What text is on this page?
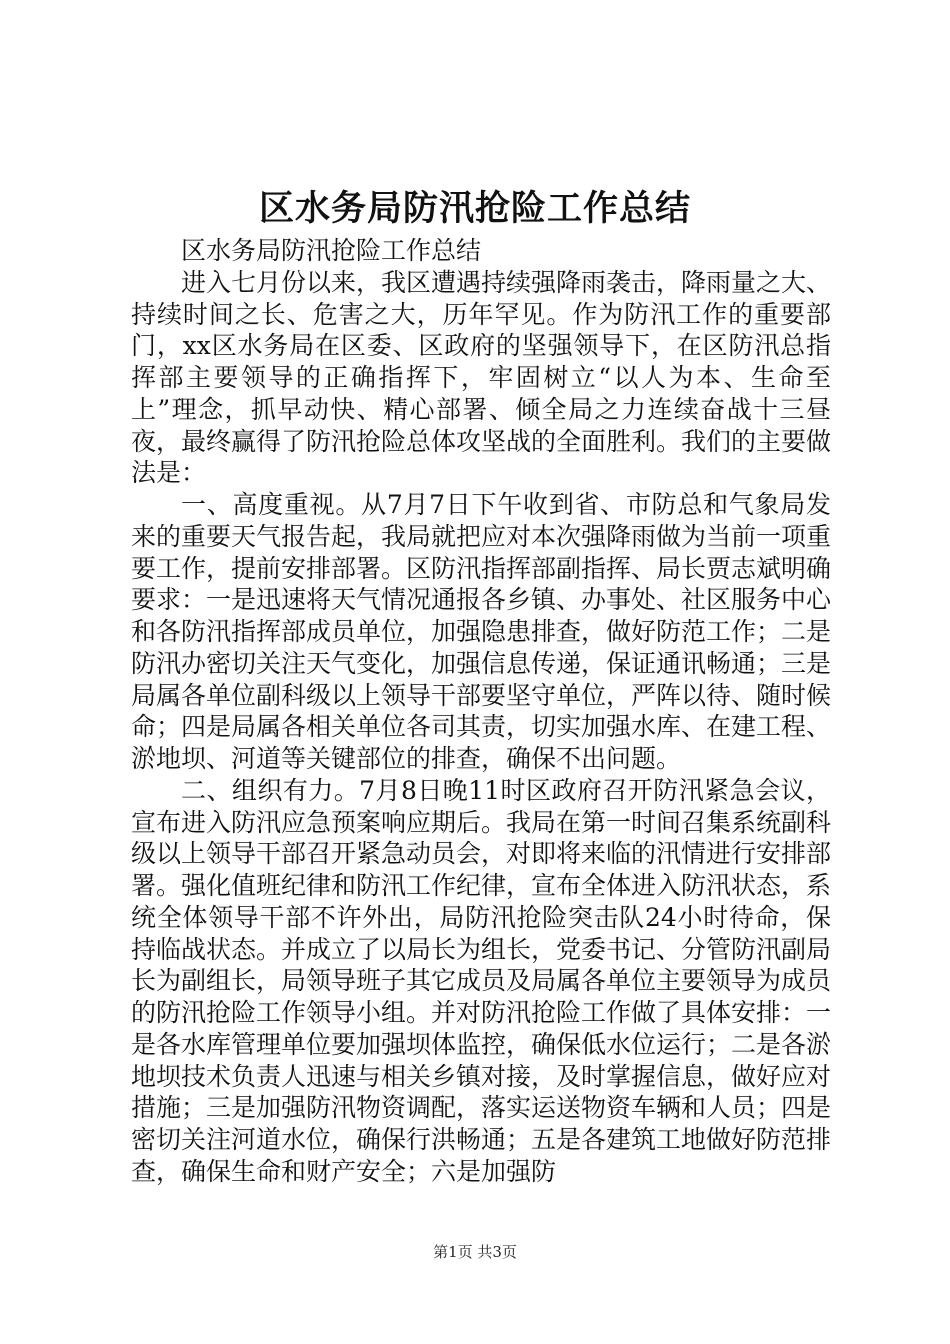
区水务局防汛抢险工作总结

区水务局防汛抢险工作总结

进入七月份以来，我区遭遇持续强降雨袭击，降雨量之大、持续时间之长、危害之大，历年罕见。作为防汛工作的重要部门，xx区水务局在区委、区政府的坚强领导下，在区防汛总指挥部主要领导的正确指挥下，牢固树立“以人为本、生命至上”理念，抓早动快、精心部署、倾全局之力连续奋战十三昼夜，最终赢得了防汛抢险总体攻坚战的全面胜利。我们的主要做法是：

一、高度重视。从7月7日下午收到省、市防总和气象局发来的重要天气报告起，我局就把应对本次强降雨做为当前一项重要工作，提前安排部署。区防汛指挥部副指挥、局长贾志斌明确要求：一是迅速将天气情况通报各乡镇、办事处、社区服务中心和各防汛指挥部成员单位，加强隐患排查，做好防范工作；二是防汛办密切关注天气变化，加强信息传递，保证通讯畅通；三是局属各单位副科级以上领导干部要坚守单位，严阵以待、随时候命；四是局属各相关单位各司其责，切实加强水库、在建工程、淤地坝、河道等关键部位的排查，确保不出问题。

二、组织有力。7月8日晚11时区政府召开防汛紧急会议，宣布进入防汛应急预案响应期后。我局在第一时间召集系统副科级以上领导干部召开紧急动员会，对即将来临的汛情进行安排部署。强化值班纪律和防汛工作纪律，宣布全体进入防汛状态，系统全体领导干部不许外出，局防汛抢险突击队24小时待命，保持临战状态。并成立了以局长为组长，党委书记、分管防汛副局长为副组长，局领导班子其它成员及局属各单位主要领导为成员的防汛抢险工作领导小组。并对防汛抢险工作做了具体安排：一是各水库管理单位要加强坝体监控，确保低水位运行；二是各淤地坝技术负责人迅速与相关乡镇对接，及时掌握信息，做好应对措施；三是加强防汛物资调配，落实运送物资车辆和人员；四是密切关注河道水位，确保行洪畅通；五是各建筑工地做好防范排查，确保生命和财产安全；六是加强防

第1页 共3页
